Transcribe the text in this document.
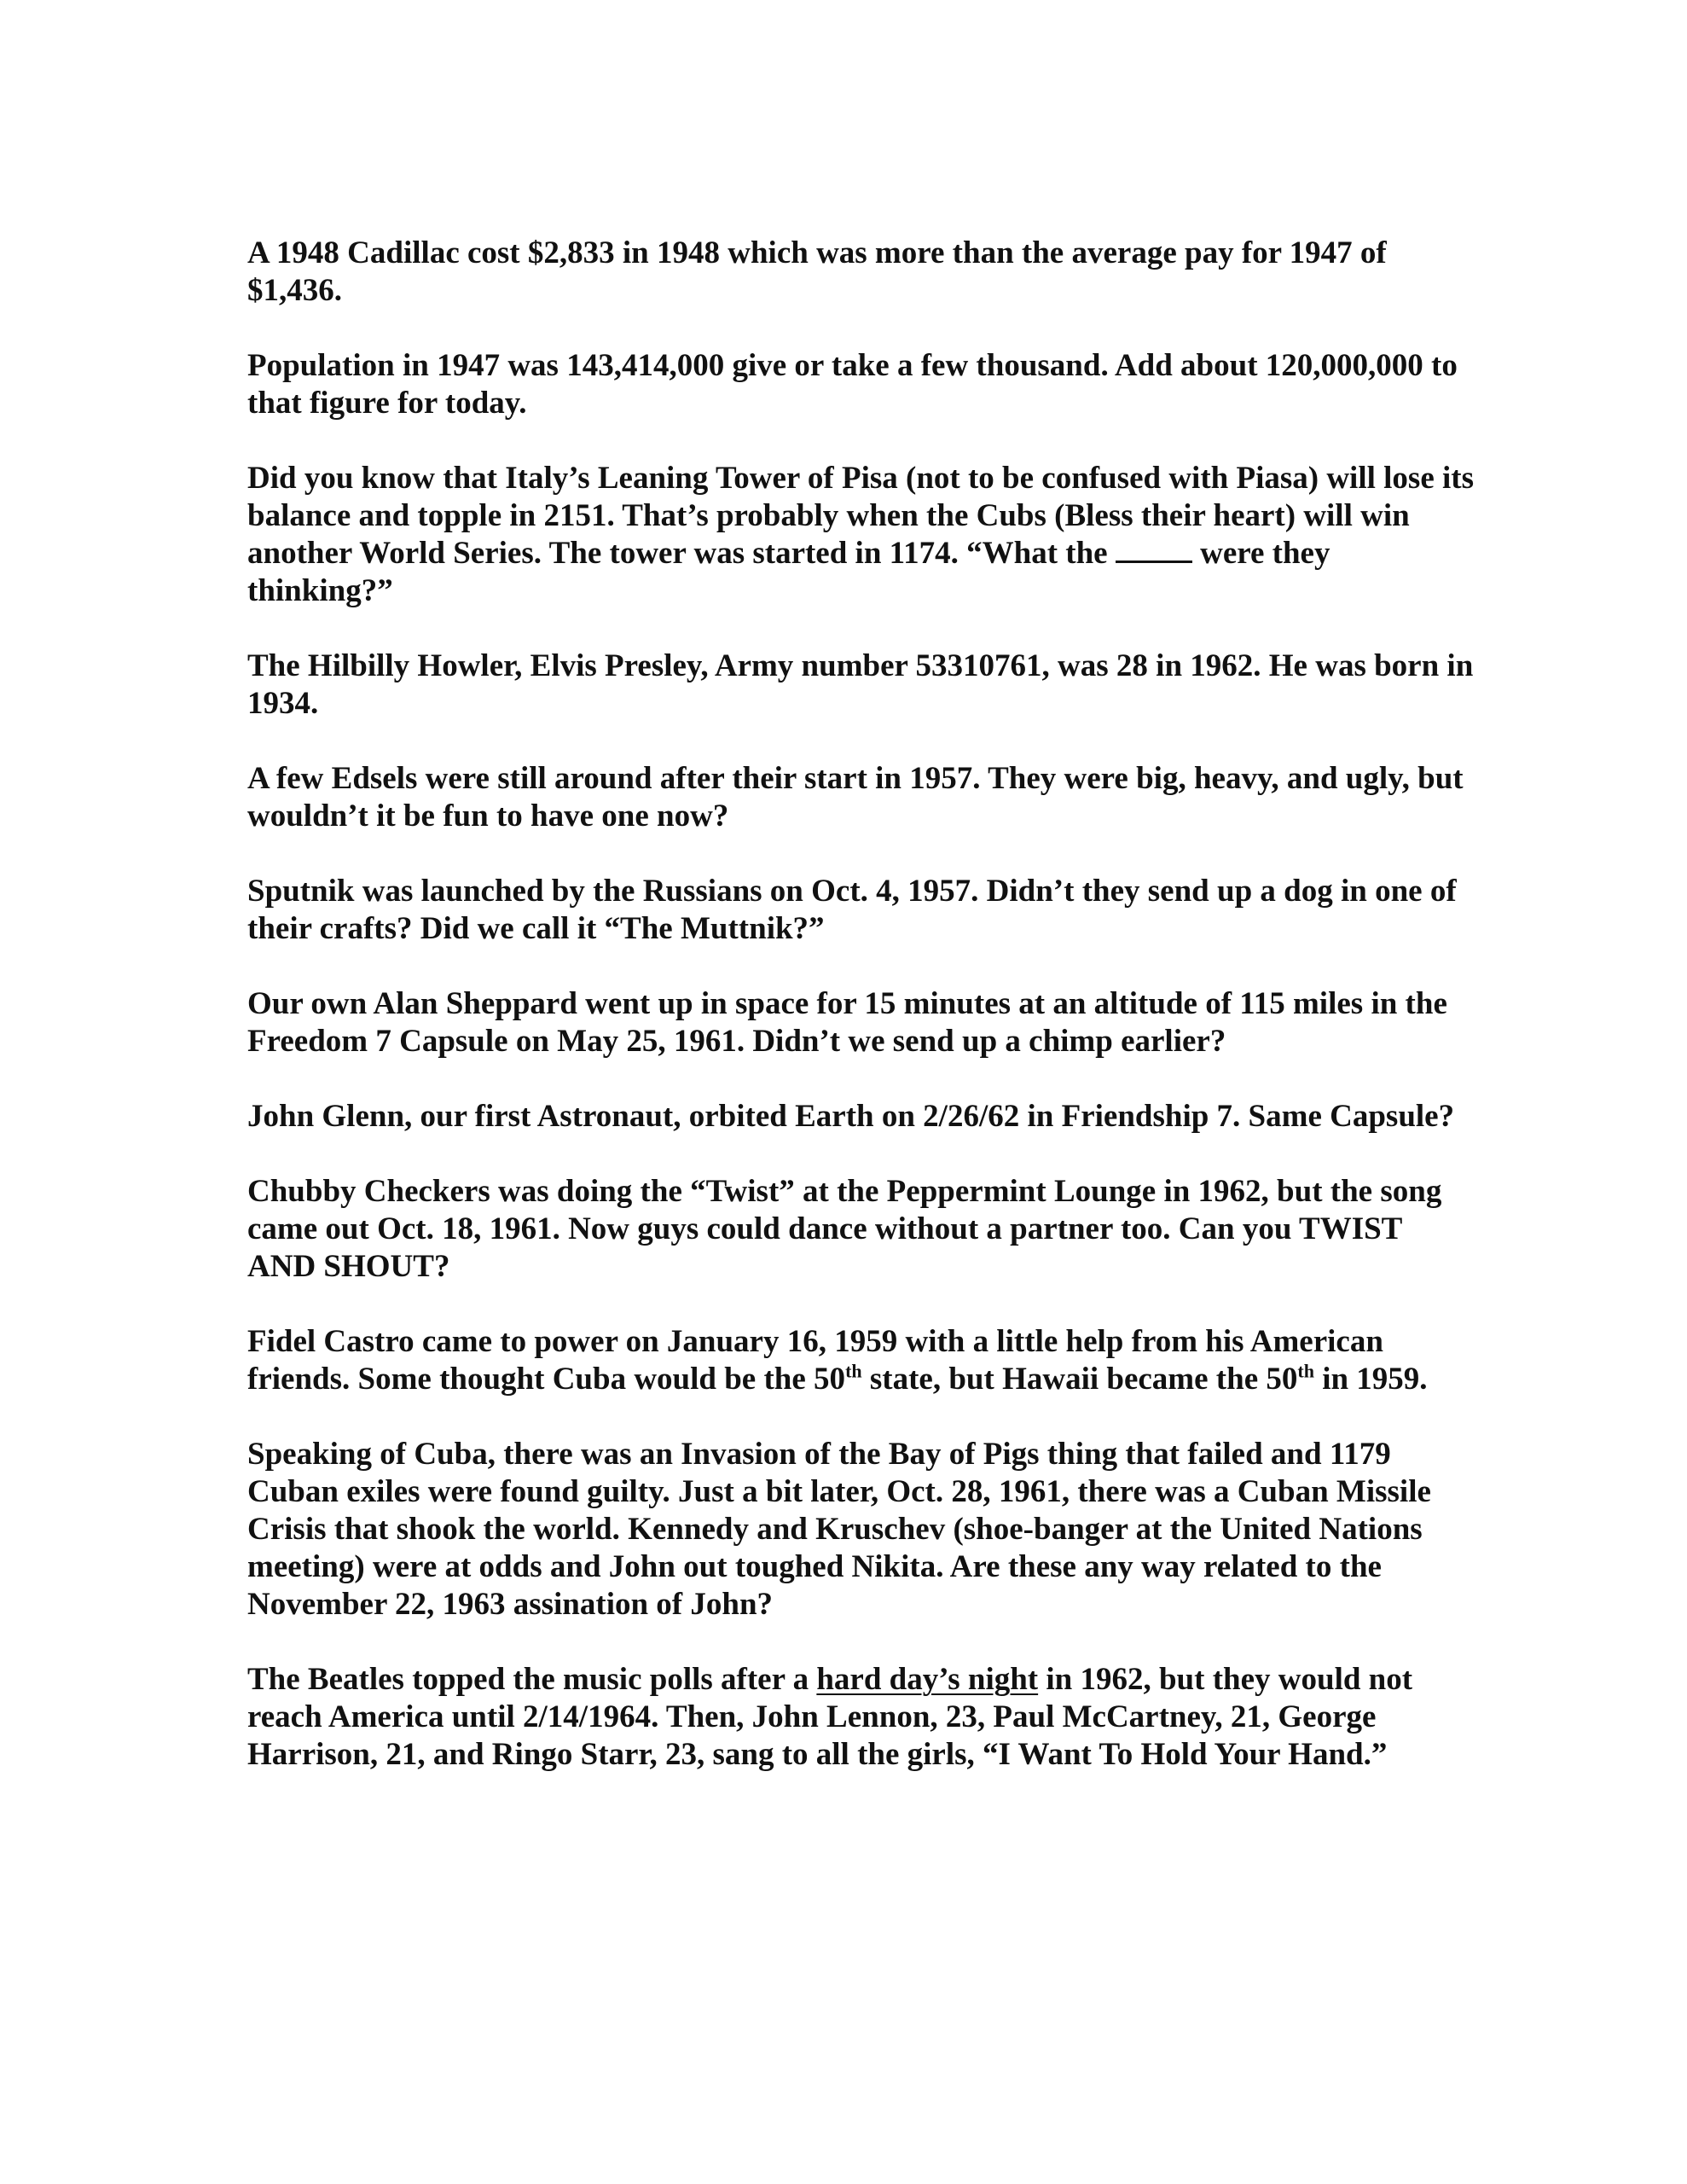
A 1948 Cadillac cost $2,833 in 1948 which was more than the average pay for 1947 of $1,436.

Population in 1947 was 143,414,000 give or take a few thousand. Add about 120,000,000 to that figure for today.

Did you know that Italy’s Leaning Tower of Pisa (not to be confused with Piasa) will lose its balance and topple in 2151. That’s probably when the Cubs (Bless their heart) will win another World Series. The tower was started in 1174. “What the  were they thinking?”

The Hilbilly Howler, Elvis Presley, Army number 53310761, was 28 in 1962. He was born in 1934.

A few Edsels were still around after their start in 1957. They were big, heavy, and ugly, but wouldn’t it be fun to have one now?

Sputnik was launched by the Russians on Oct. 4, 1957. Didn’t they send up a dog in one of their crafts? Did we call it “The Muttnik?”

Our own Alan Sheppard went up in space for 15 minutes at an altitude of 115 miles in the Freedom 7 Capsule on May 25, 1961. Didn’t we send up a chimp earlier?

John Glenn, our first Astronaut, orbited Earth on 2/26/62 in Friendship 7. Same Capsule?

Chubby Checkers was doing the “Twist” at the Peppermint Lounge in 1962, but the song came out Oct. 18, 1961. Now guys could dance without a partner too. Can you TWIST AND SHOUT?

Fidel Castro came to power on January 16, 1959 with a little help from his American friends. Some thought Cuba would be the 50th state, but Hawaii became the 50th in 1959.

Speaking of Cuba, there was an Invasion of the Bay of Pigs thing that failed and 1179 Cuban exiles were found guilty. Just a bit later, Oct. 28, 1961, there was a Cuban Missile Crisis that shook the world. Kennedy and Kruschev (shoe-banger at the United Nations meeting) were at odds and John out toughed Nikita. Are these any way related to the November 22, 1963 assination of John?

The Beatles topped the music polls after a hard day’s night in 1962, but they would not reach America until 2/14/1964. Then, John Lennon, 23, Paul McCartney, 21, George Harrison, 21, and Ringo Starr, 23, sang to all the girls, “I Want To Hold Your Hand.”
